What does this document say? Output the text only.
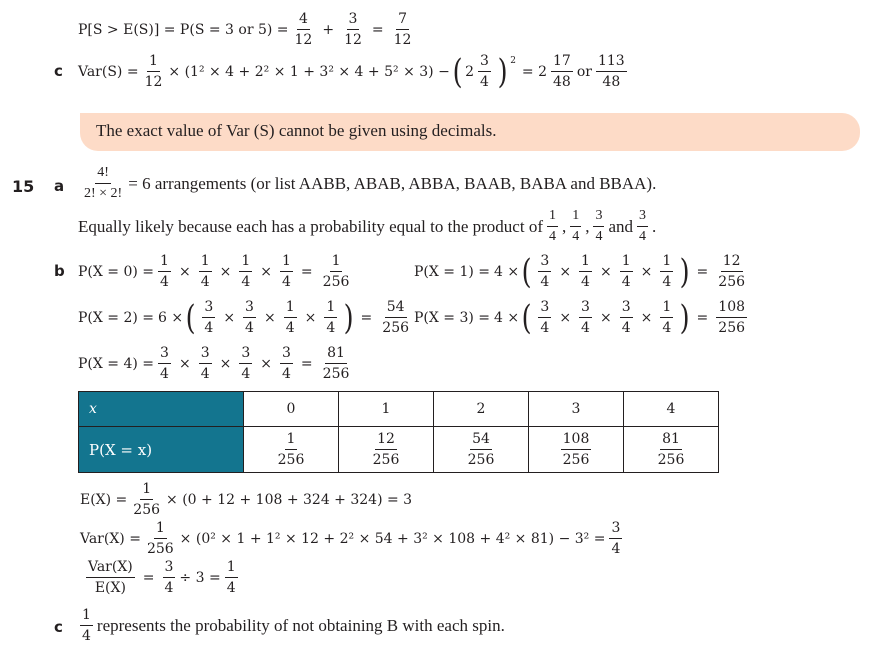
P[S > E(S)] = P(S = 3 or $5) = \frac{4}{12} + \frac{3}{12} = \frac{7}{12}$
c $Var(S) = \frac{1}{12} \times (1^2 \times 4 + 2^2 \times 1 + 3^2 \times 4 + 5^2 \times 3)$ − ( $2 \frac{3}{4}$ ) $^2$
= $2 \frac{17}{48}$ or $\frac{113}{48}$
The exact value of Var (S) cannot be given using decimals.
15 a $\frac{4!}{2! \times 2!} = 6$ arrangements (or list AABB, ABAB, ABBA, BAAB, BABA and BBAA).
Equally likely because each has a probability equal to the product of $\frac{1}{4}$ , $\frac{1}{4}$ , $\frac{3}{4}$ and $\frac{3}{4}$ .
b $P(X = 0) = \frac{1}{4} \times \frac{1}{4} \times \frac{1}{4} \times \frac{1}{4} = \frac{1}{256}$	P(X = 1) = 4 × ( $\frac{3}{4} \times \frac{1}{4} \times \frac{1}{4} \times \frac{1}{4}$ ) = $\frac{12}{256}$
P(X = 2) = 6 × ( $\frac{3}{4} \times \frac{3}{4} \times \frac{1}{4} \times \frac{1}{4}$ ) = $\frac{54}{256} P(X = 3) = 4$ × ( $\frac{3}{4} \times \frac{3}{4} \times \frac{3}{4} \times \frac{1}{4}$ ) = $\frac{108}{256}$
$P(X = 4) = \frac{3}{4} \times \frac{3}{4} \times \frac{3}{4} \times \frac{3}{4} = \frac{81}{256}$
x	0	1	2	3	4
P(X = x)	$\frac{1}{256}$	$\frac{12}{256}$	$\frac{54}{256}$	$\frac{108}{256}$	$\frac{81}{256}$
$E(X) = \frac{1}{256} \times (0 + 12 + 108 + 324 + 324) = 3$
$Var(X) = \frac{1}{256} \times (0^2 \times 1 + 1^2 \times 12 + 2^2 \times 54 + 3^2 \times 108 + 4^2 \times 81) - 3^2 = \frac{3}{4}$
$\frac{\text{Var(X)}}{E(X)} = \frac{3}{4} \div 3 = \frac{1}{4}$
c $\frac{1}{4}$ represents the probability of not obtaining B with each spin.
